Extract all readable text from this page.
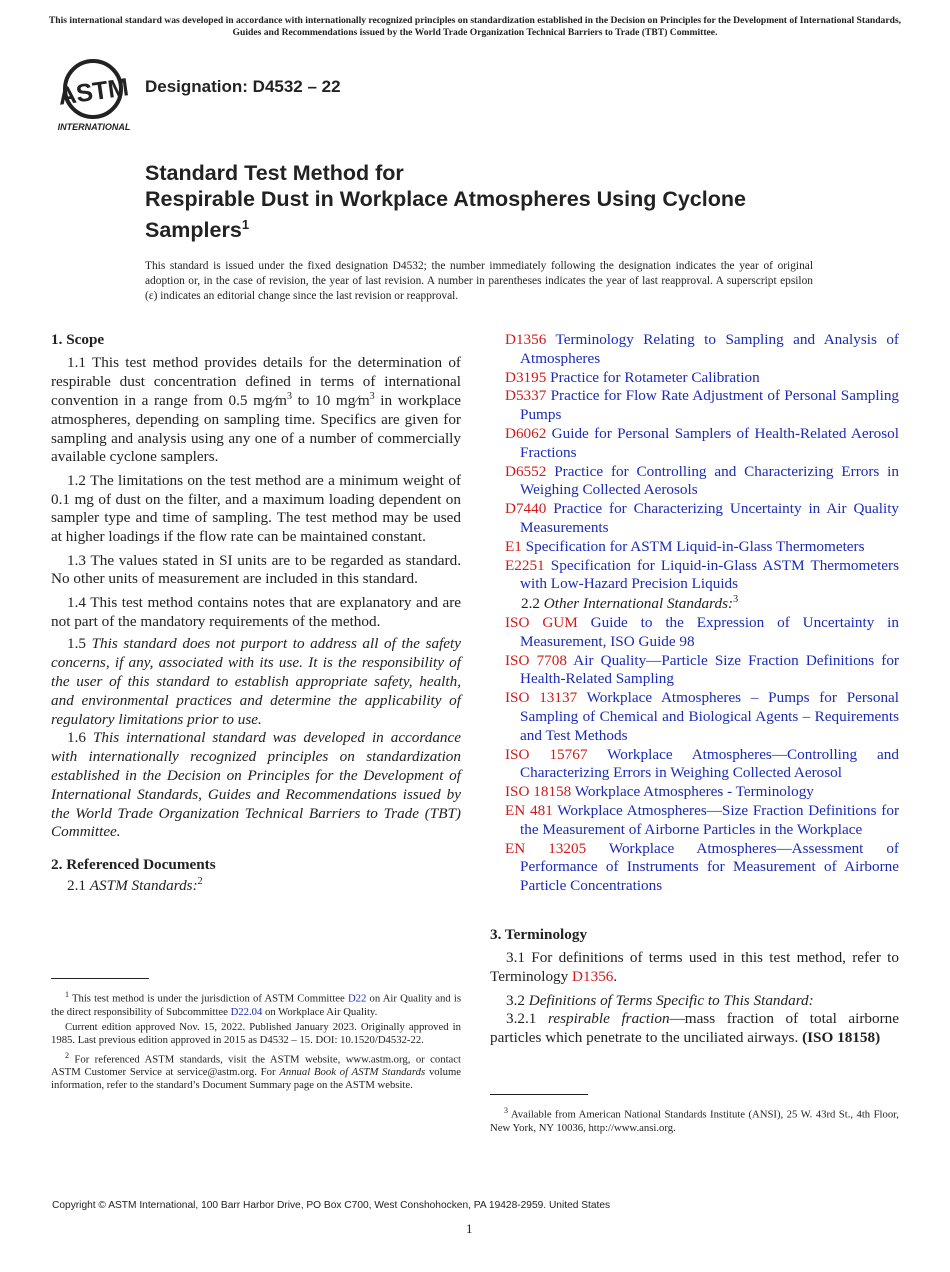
This international standard was developed in accordance with internationally recognized principles on standardization established in the Decision on Principles for the Development of International Standards, Guides and Recommendations issued by the World Trade Organization Technical Barriers to Trade (TBT) Committee.
ASTM
INTERNATIONAL
Designation: D4532 – 22
Standard Test Method for
Respirable Dust in Workplace Atmospheres Using Cyclone Samplers$^1$
This standard is issued under the fixed designation D4532; the number immediately following the designation indicates the year of original adoption or, in the case of revision, the year of last revision. A number in parentheses indicates the year of last reapproval. A superscript epsilon (ε) indicates an editorial change since the last revision or reapproval.

1. Scope

1.1 This test method provides details for the determination of respirable dust concentration defined in terms of international convention in a range from 0.5 $mg⁄m^3$ to 10 $mg⁄m^3$ in workplace atmospheres, depending on sampling time. Specifics are given for sampling and analysis using any one of a number of commercially available cyclone samplers.

1.2 The limitations on the test method are a minimum weight of 0.1 mg of dust on the filter, and a maximum loading dependent on sampler type and time of sampling. The test method may be used at higher loadings if the flow rate can be maintained constant.

1.3 The values stated in SI units are to be regarded as standard. No other units of measurement are included in this standard.

1.4 This test method contains notes that are explanatory and are not part of the mandatory requirements of the method.

1.5 This standard does not purport to address all of the safety concerns, if any, associated with its use. It is the responsibility of the user of this standard to establish appropriate safety, health, and environmental practices and determine the applicability of regulatory limitations prior to use.

1.6 This international standard was developed in accordance with internationally recognized principles on standardization established in the Decision on Principles for the Development of International Standards, Guides and Recommendations issued by the World Trade Organization Technical Barriers to Trade (TBT) Committee.

2. Referenced Documents

2.1 ASTM Standards:$^2$

$^1$ This test method is under the jurisdiction of ASTM Committee D22 on Air Quality and is the direct responsibility of Subcommittee D22.04 on Workplace Air Quality.

Current edition approved Nov. 15, 2022. Published January 2023. Originally approved in 1985. Last previous edition approved in 2015 as D4532 – 15. DOI: 10.1520/D4532-22.

$^2$ For referenced ASTM standards, visit the ASTM website, www.astm.org, or contact ASTM Customer Service at service@astm.org. For Annual Book of ASTM Standards volume information, refer to the standard’s Document Summary page on the ASTM website.

D1356 Terminology Relating to Sampling and Analysis of Atmospheres

D3195 Practice for Rotameter Calibration

D5337 Practice for Flow Rate Adjustment of Personal Sampling Pumps

D6062 Guide for Personal Samplers of Health-Related Aerosol Fractions

D6552 Practice for Controlling and Characterizing Errors in Weighing Collected Aerosols

D7440 Practice for Characterizing Uncertainty in Air Quality Measurements

E1 Specification for ASTM Liquid-in-Glass Thermometers

E2251 Specification for Liquid-in-Glass ASTM Thermometers with Low-Hazard Precision Liquids

2.2 Other International Standards:$^3$

ISO GUM Guide to the Expression of Uncertainty in Measurement, ISO Guide 98

ISO 7708 Air Quality—Particle Size Fraction Definitions for Health-Related Sampling

ISO 13137 Workplace Atmospheres – Pumps for Personal Sampling of Chemical and Biological Agents – Requirements and Test Methods

ISO 15767 Workplace Atmospheres—Controlling and Characterizing Errors in Weighing Collected Aerosol

ISO 18158 Workplace Atmospheres - Terminology

EN 481 Workplace Atmospheres—Size Fraction Definitions for the Measurement of Airborne Particles in the Workplace

EN 13205 Workplace Atmospheres—Assessment of Performance of Instruments for Measurement of Airborne Particle Concentrations

3. Terminology

3.1 For definitions of terms used in this test method, refer to Terminology D1356.

3.2 Definitions of Terms Specific to This Standard:

3.2.1 respirable fraction—mass fraction of total airborne particles which penetrate to the unciliated airways. (ISO 18158)

$^3$ Available from American National Standards Institute (ANSI), 25 W. 43rd St., 4th Floor, New York, NY 10036, http://www.ansi.org.

Copyright © ASTM International, 100 Barr Harbor Drive, PO Box C700, West Conshohocken, PA 19428-2959. United States
1
